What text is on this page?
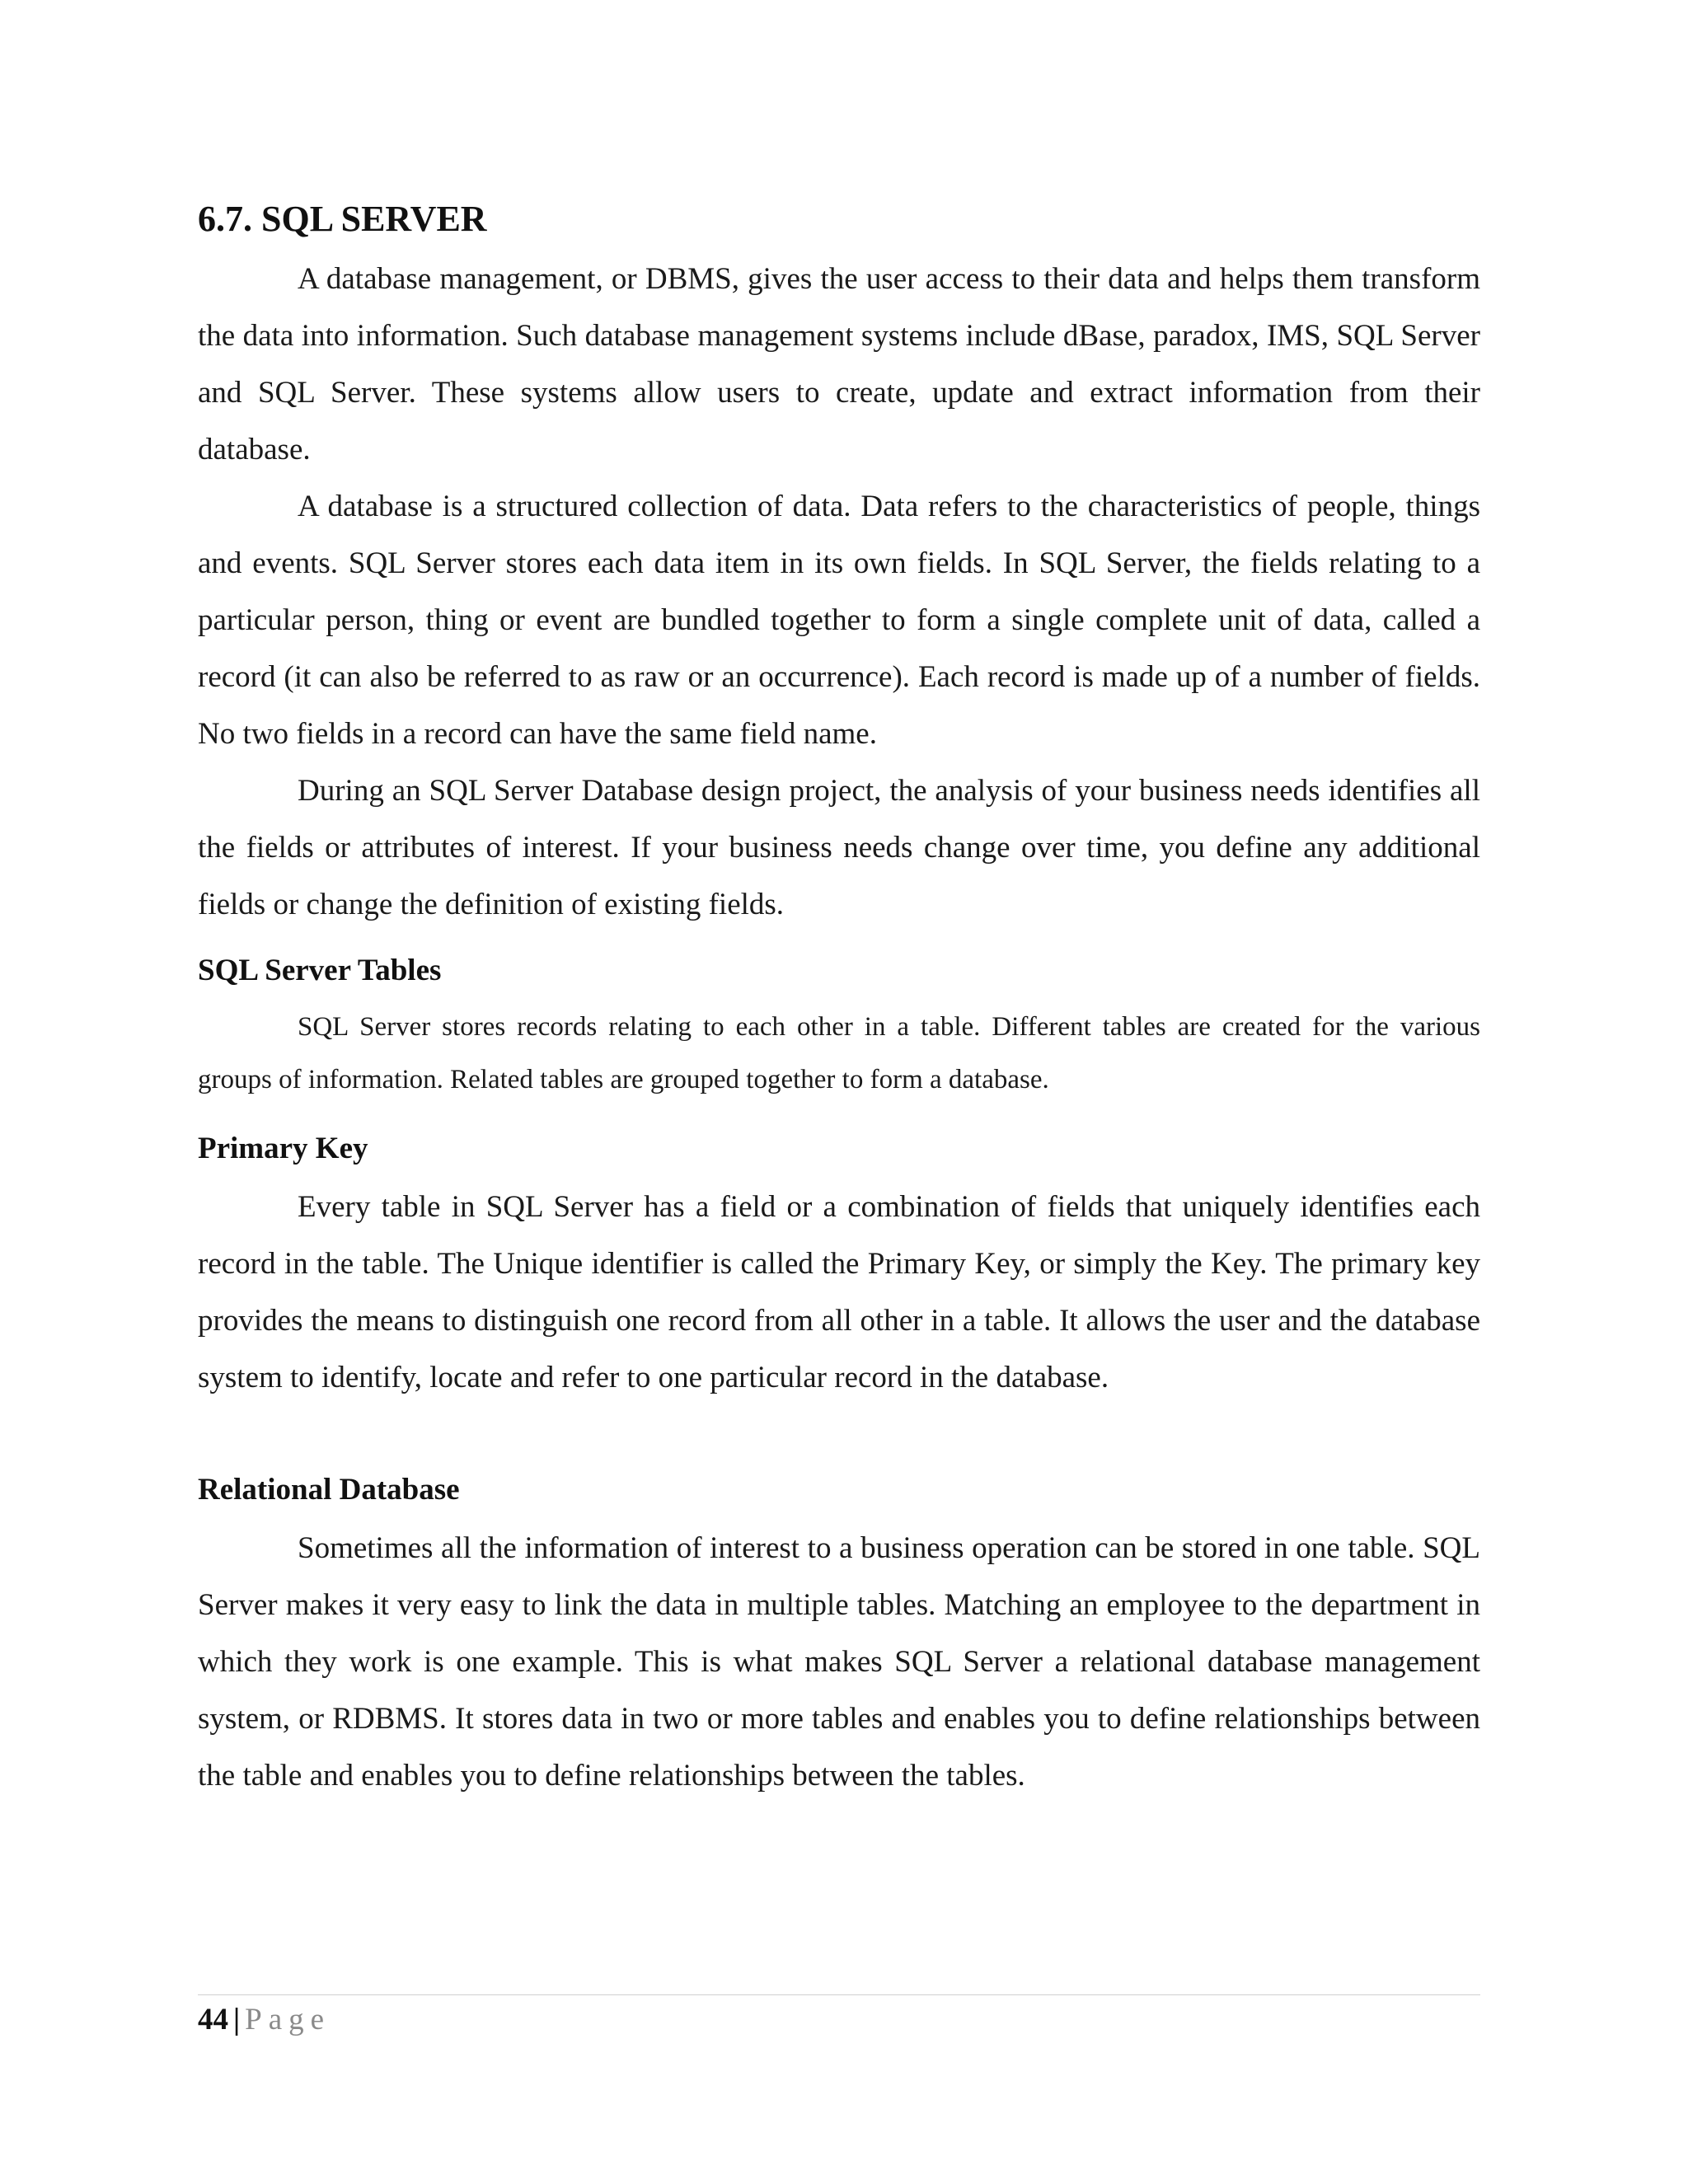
6.7. SQL SERVER

A database management, or DBMS, gives the user access to their data and helps them transform the data into information. Such database management systems include dBase, paradox, IMS, SQL Server and SQL Server. These systems allow users to create, update and extract information from their database.

A database is a structured collection of data. Data refers to the characteristics of people, things and events. SQL Server stores each data item in its own fields. In SQL Server, the fields relating to a particular person, thing or event are bundled together to form a single complete unit of data, called a record (it can also be referred to as raw or an occurrence). Each record is made up of a number of fields. No two fields in a record can have the same field name.

During an SQL Server Database design project, the analysis of your business needs identifies all the fields or attributes of interest. If your business needs change over time, you define any additional fields or change the definition of existing fields.

SQL Server Tables

SQL Server stores records relating to each other in a table. Different tables are created for the various groups of information. Related tables are grouped together to form a database.

Primary Key

Every table in SQL Server has a field or a combination of fields that uniquely identifies each record in the table. The Unique identifier is called the Primary Key, or simply the Key. The primary key provides the means to distinguish one record from all other in a table. It allows the user and the database system to identify, locate and refer to one particular record in the database.

Relational Database

Sometimes all the information of interest to a business operation can be stored in one table. SQL Server makes it very easy to link the data in multiple tables. Matching an employee to the department in which they work is one example. This is what makes SQL Server a relational database management system, or RDBMS. It stores data in two or more tables and enables you to define relationships between the table and enables you to define relationships between the tables.

44 | Page
